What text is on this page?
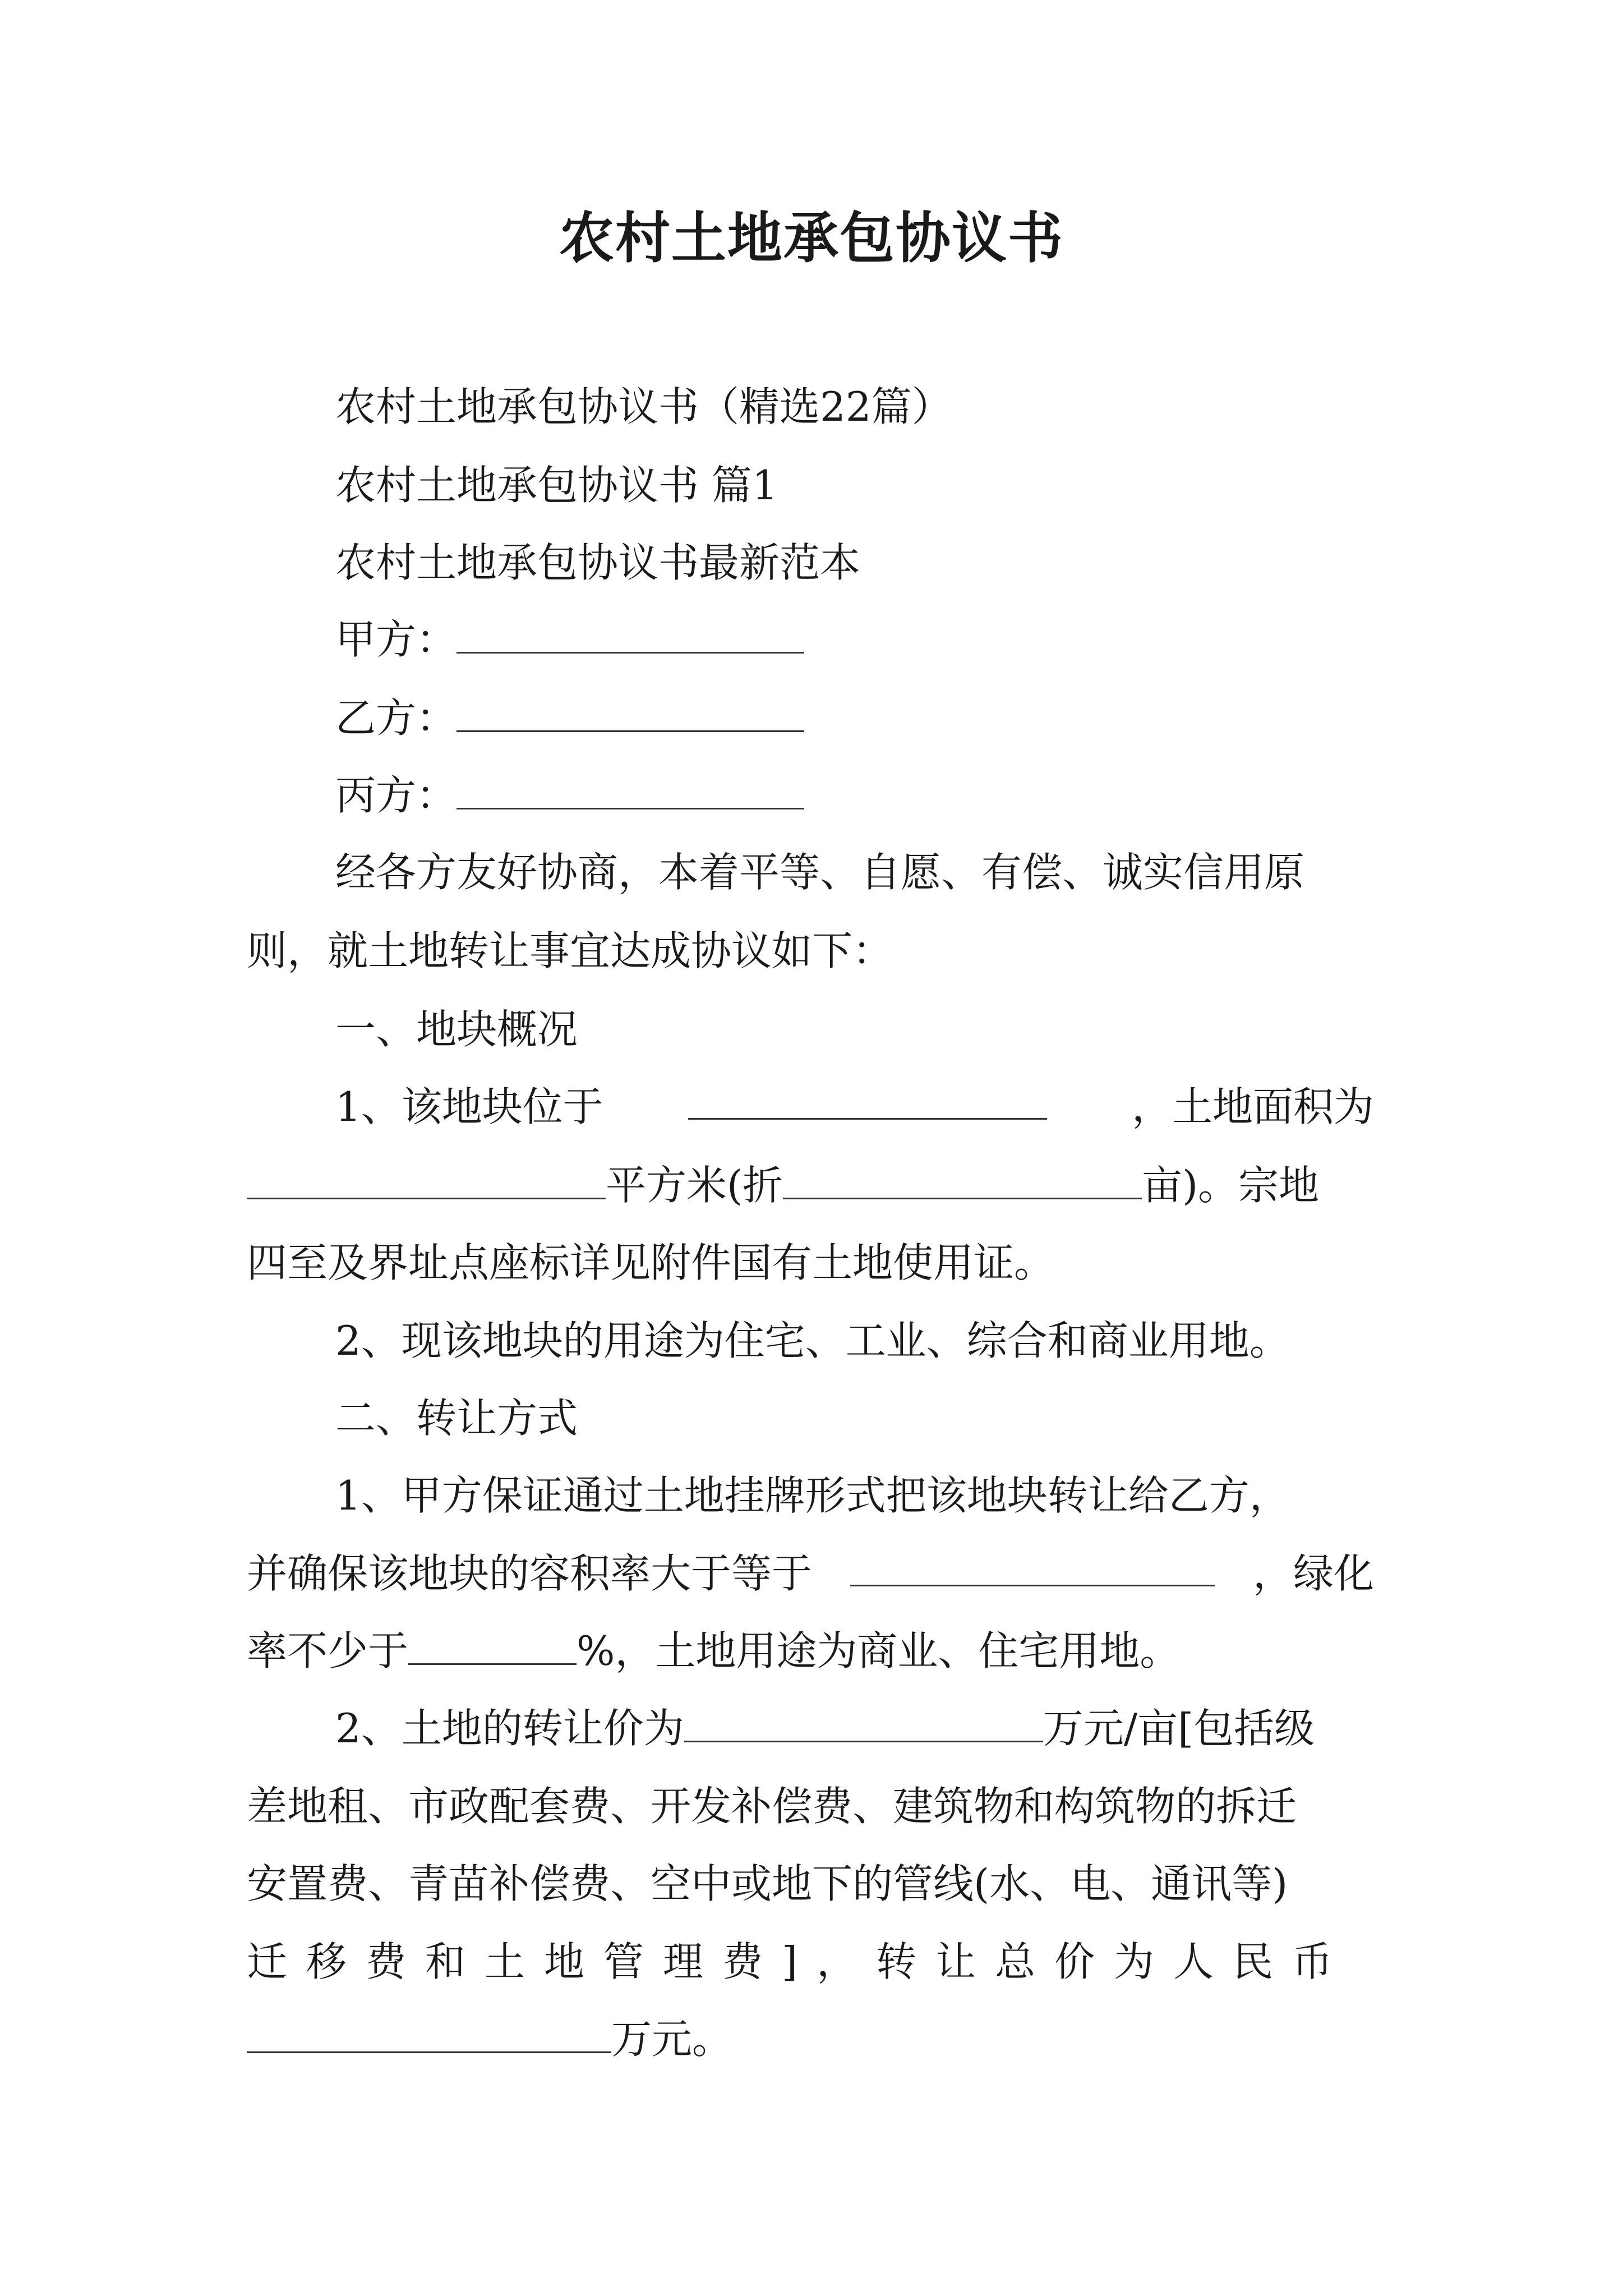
农村土地承包协议书
农村土地承包协议书（精选22篇）
农村土地承包协议书 篇1
农村土地承包协议书最新范本
甲方：
乙方：
丙方：
经各方友好协商，本着平等、自愿、有偿、诚实信用原
则，就土地转让事宜达成协议如下：
一、地块概况
1、该地块位于	，土地面积为
平方米(折	亩)。宗地
四至及界址点座标详见附件国有土地使用证。
2、现该地块的用途为住宅、工业、综合和商业用地。
二、转让方式
1、甲方保证通过土地挂牌形式把该地块转让给乙方，
并确保该地块的容积率大于等于	，绿化
率不少于	%，土地用途为商业、住宅用地。
2、土地的转让价为	万元/亩[包括级
差地租、市政配套费、开发补偿费、建筑物和构筑物的拆迁
安置费、青苗补偿费、空中或地下的管线(水、电、通讯等)
迁移费和土地管理费]，转让总价为人民币
万元。
